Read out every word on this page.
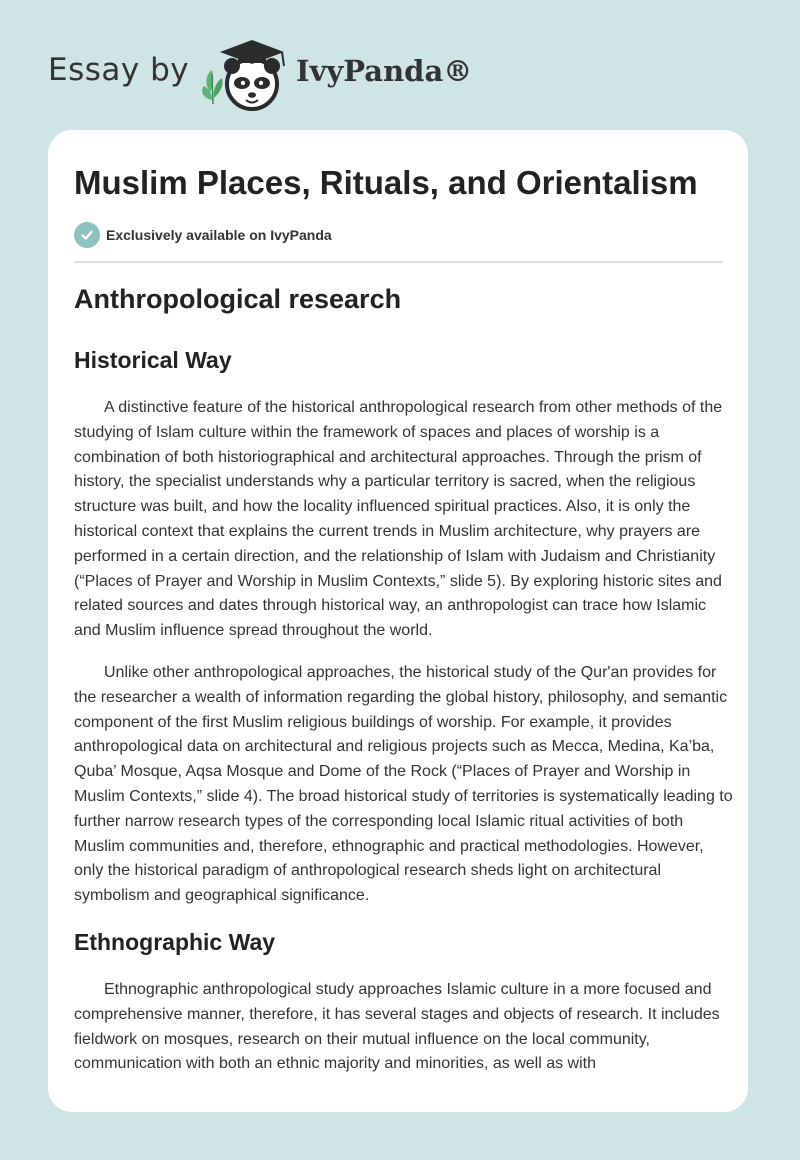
Essay by	IvyPanda®
Muslim Places, Rituals, and Orientalism
Exclusively available on IvyPanda
Anthropological research
Historical Way

A distinctive feature of the historical anthropological research from other methods of the studying of Islam culture within the framework of spaces and places of worship is a combination of both historiographical and architectural approaches. Through the prism of history, the specialist understands why a particular territory is sacred, when the religious structure was built, and how the locality influenced spiritual practices. Also, it is only the historical context that explains the current trends in Muslim architecture, why prayers are performed in a certain direction, and the relationship of Islam with Judaism and Christianity (“Places of Prayer and Worship in Muslim Contexts,” slide 5). By exploring historic sites and related sources and dates through historical way, an anthropologist can trace how Islamic and Muslim influence spread throughout the world.

Unlike other anthropological approaches, the historical study of the Qur'an provides for the researcher a wealth of information regarding the global history, philosophy, and semantic component of the first Muslim religious buildings of worship. For example, it provides anthropological data on architectural and religious projects such as Mecca, Medina, Ka’ba, Quba’ Mosque, Aqsa Mosque and Dome of the Rock (“Places of Prayer and Worship in Muslim Contexts,” slide 4). The broad historical study of territories is systematically leading to further narrow research types of the corresponding local Islamic ritual activities of both Muslim communities and, therefore, ethnographic and practical methodologies. However, only the historical paradigm of anthropological research sheds light on architectural symbolism and geographical significance.

Ethnographic Way

Ethnographic anthropological study approaches Islamic culture in a more focused and comprehensive manner, therefore, it has several stages and objects of research. It includes fieldwork on mosques, research on their mutual influence on the local community, communication with both an ethnic majority and minorities, as well as with
